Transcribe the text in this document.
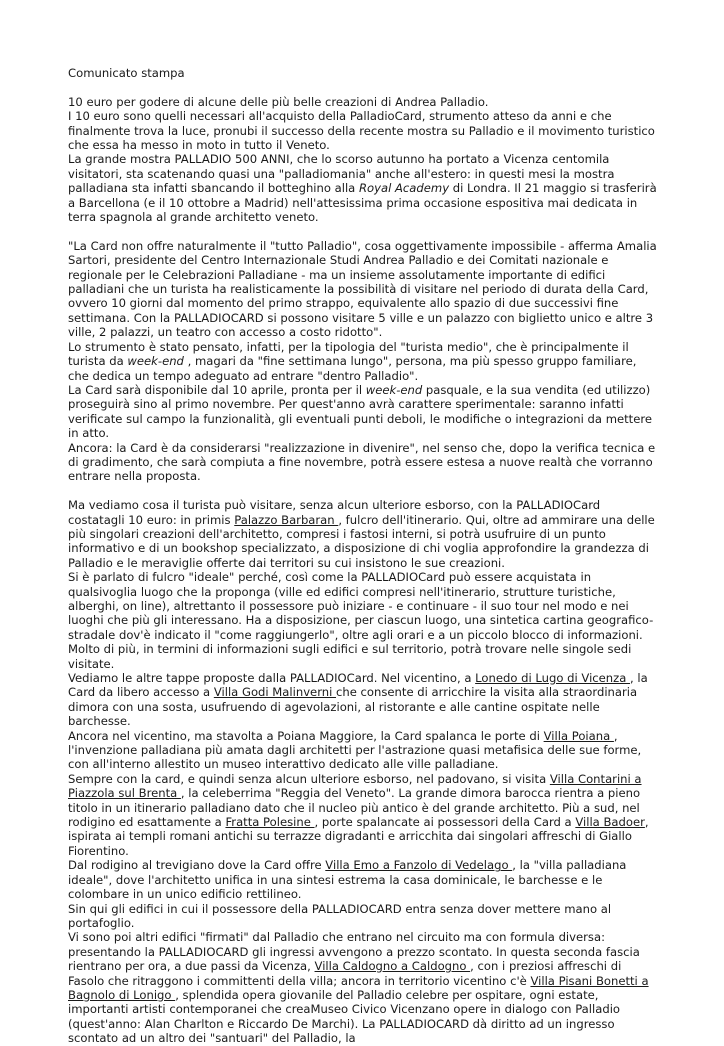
Comunicato stampa

10 euro per godere di alcune delle più belle creazioni di Andrea Palladio.

I 10 euro sono quelli necessari all'acquisto della PalladioCard, strumento atteso da anni e che finalmente trova la luce, pronubi il successo della recente mostra su Palladio e il movimento turistico che essa ha messo in moto in tutto il Veneto.

La grande mostra PALLADIO 500 ANNI, che lo scorso autunno ha portato a Vicenza centomila visitatori, sta scatenando quasi una "palladiomania" anche all'estero: in questi mesi la mostra palladiana sta infatti sbancando il botteghino alla Royal Academy di Londra. Il 21 maggio si trasferirà a Barcellona (e il 10 ottobre a Madrid) nell'attesissima prima occasione espositiva mai dedicata in terra spagnola al grande architetto veneto.

"La Card non offre naturalmente il "tutto Palladio", cosa oggettivamente impossibile - afferma Amalia Sartori, presidente del Centro Internazionale Studi Andrea Palladio e dei Comitati nazionale e regionale per le Celebrazioni Palladiane - ma un insieme assolutamente importante di edifici palladiani che un turista ha realisticamente la possibilità di visitare nel periodo di durata della Card, ovvero 10 giorni dal momento del primo strappo, equivalente allo spazio di due successivi fine settimana. Con la PALLADIOCARD si possono visitare 5 ville e un palazzo con biglietto unico e altre 3 ville, 2 palazzi, un teatro con accesso a costo ridotto".

Lo strumento è stato pensato, infatti, per la tipologia del "turista medio", che è principalmente il turista da week-end , magari da "fine settimana lungo", persona, ma più spesso gruppo familiare, che dedica un tempo adeguato ad entrare "dentro Palladio".

La Card sarà disponibile dal 10 aprile, pronta per il week-end pasquale, e la sua vendita (ed utilizzo) proseguirà sino al primo novembre. Per quest'anno avrà carattere sperimentale: saranno infatti verificate sul campo la funzionalità, gli eventuali punti deboli, le modifiche o integrazioni da mettere in atto.

Ancora: la Card è da considerarsi "realizzazione in divenire", nel senso che, dopo la verifica tecnica e di gradimento, che sarà compiuta a fine novembre, potrà essere estesa a nuove realtà che vorranno entrare nella proposta.

Ma vediamo cosa il turista può visitare, senza alcun ulteriore esborso, con la PALLADIOCard costatagli 10 euro: in primis Palazzo Barbaran , fulcro dell'itinerario. Qui, oltre ad ammirare una delle più singolari creazioni dell'architetto, compresi i fastosi interni, si potrà usufruire di un punto informativo e di un bookshop specializzato, a disposizione di chi voglia approfondire la grandezza di Palladio e le meraviglie offerte dai territori su cui insistono le sue creazioni.

Si è parlato di fulcro "ideale" perché, così come la PALLADIOCard può essere acquistata in qualsivoglia luogo che la proponga (ville ed edifici compresi nell'itinerario, strutture turistiche, alberghi, on line), altrettanto il possessore può iniziare - e continuare - il suo tour nel modo e nei luoghi che più gli interessano. Ha a disposizione, per ciascun luogo, una sintetica cartina geografico-stradale dov'è indicato il "come raggiungerlo", oltre agli orari e a un piccolo blocco di informazioni. Molto di più, in termini di informazioni sugli edifici e sul territorio, potrà trovare nelle singole sedi visitate.

Vediamo le altre tappe proposte dalla PALLADIOCard. Nel vicentino, a Lonedo di Lugo di Vicenza , la Card da libero accesso a Villa Godi Malinverni che consente di arricchire la visita alla straordinaria dimora con una sosta, usufruendo di agevolazioni, al ristorante e alle cantine ospitate nelle barchesse.

Ancora nel vicentino, ma stavolta a Poiana Maggiore, la Card spalanca le porte di Villa Poiana , l'invenzione palladiana più amata dagli architetti per l'astrazione quasi metafisica delle sue forme, con all'interno allestito un museo interattivo dedicato alle ville palladiane.

Sempre con la card, e quindi senza alcun ulteriore esborso, nel padovano, si visita Villa Contarini a Piazzola sul Brenta , la celeberrima "Reggia del Veneto". La grande dimora barocca rientra a pieno titolo in un itinerario palladiano dato che il nucleo più antico è del grande architetto. Più a sud, nel rodigino ed esattamente a Fratta Polesine , porte spalancate ai possessori della Card a Villa Badoer, ispirata ai templi romani antichi su terrazze digradanti e arricchita dai singolari affreschi di Giallo Fiorentino.

Dal rodigino al trevigiano dove la Card offre Villa Emo a Fanzolo di Vedelago , la "villa palladiana ideale", dove l'architetto unifica in una sintesi estrema la casa dominicale, le barchesse e le colombare in un unico edificio rettilineo.

Sin qui gli edifici in cui il possessore della PALLADIOCARD entra senza dover mettere mano al portafoglio.

Vi sono poi altri edifici "firmati" dal Palladio che entrano nel circuito ma con formula diversa: presentando la PALLADIOCARD gli ingressi avvengono a prezzo scontato. In questa seconda fascia rientrano per ora, a due passi da Vicenza, Villa Caldogno a Caldogno , con i preziosi affreschi di Fasolo che ritraggono i committenti della villa; ancora in territorio vicentino c'è Villa Pisani Bonetti a Bagnolo di Lonigo , splendida opera giovanile del Palladio celebre per ospitare, ogni estate, importanti artisti contemporanei che creaMuseo Civico Vicenzano opere in dialogo con Palladio (quest'anno: Alan Charlton e Riccardo De Marchi). La PALLADIOCARD dà diritto ad un ingresso scontato ad un altro dei "santuari" del Palladio, la
